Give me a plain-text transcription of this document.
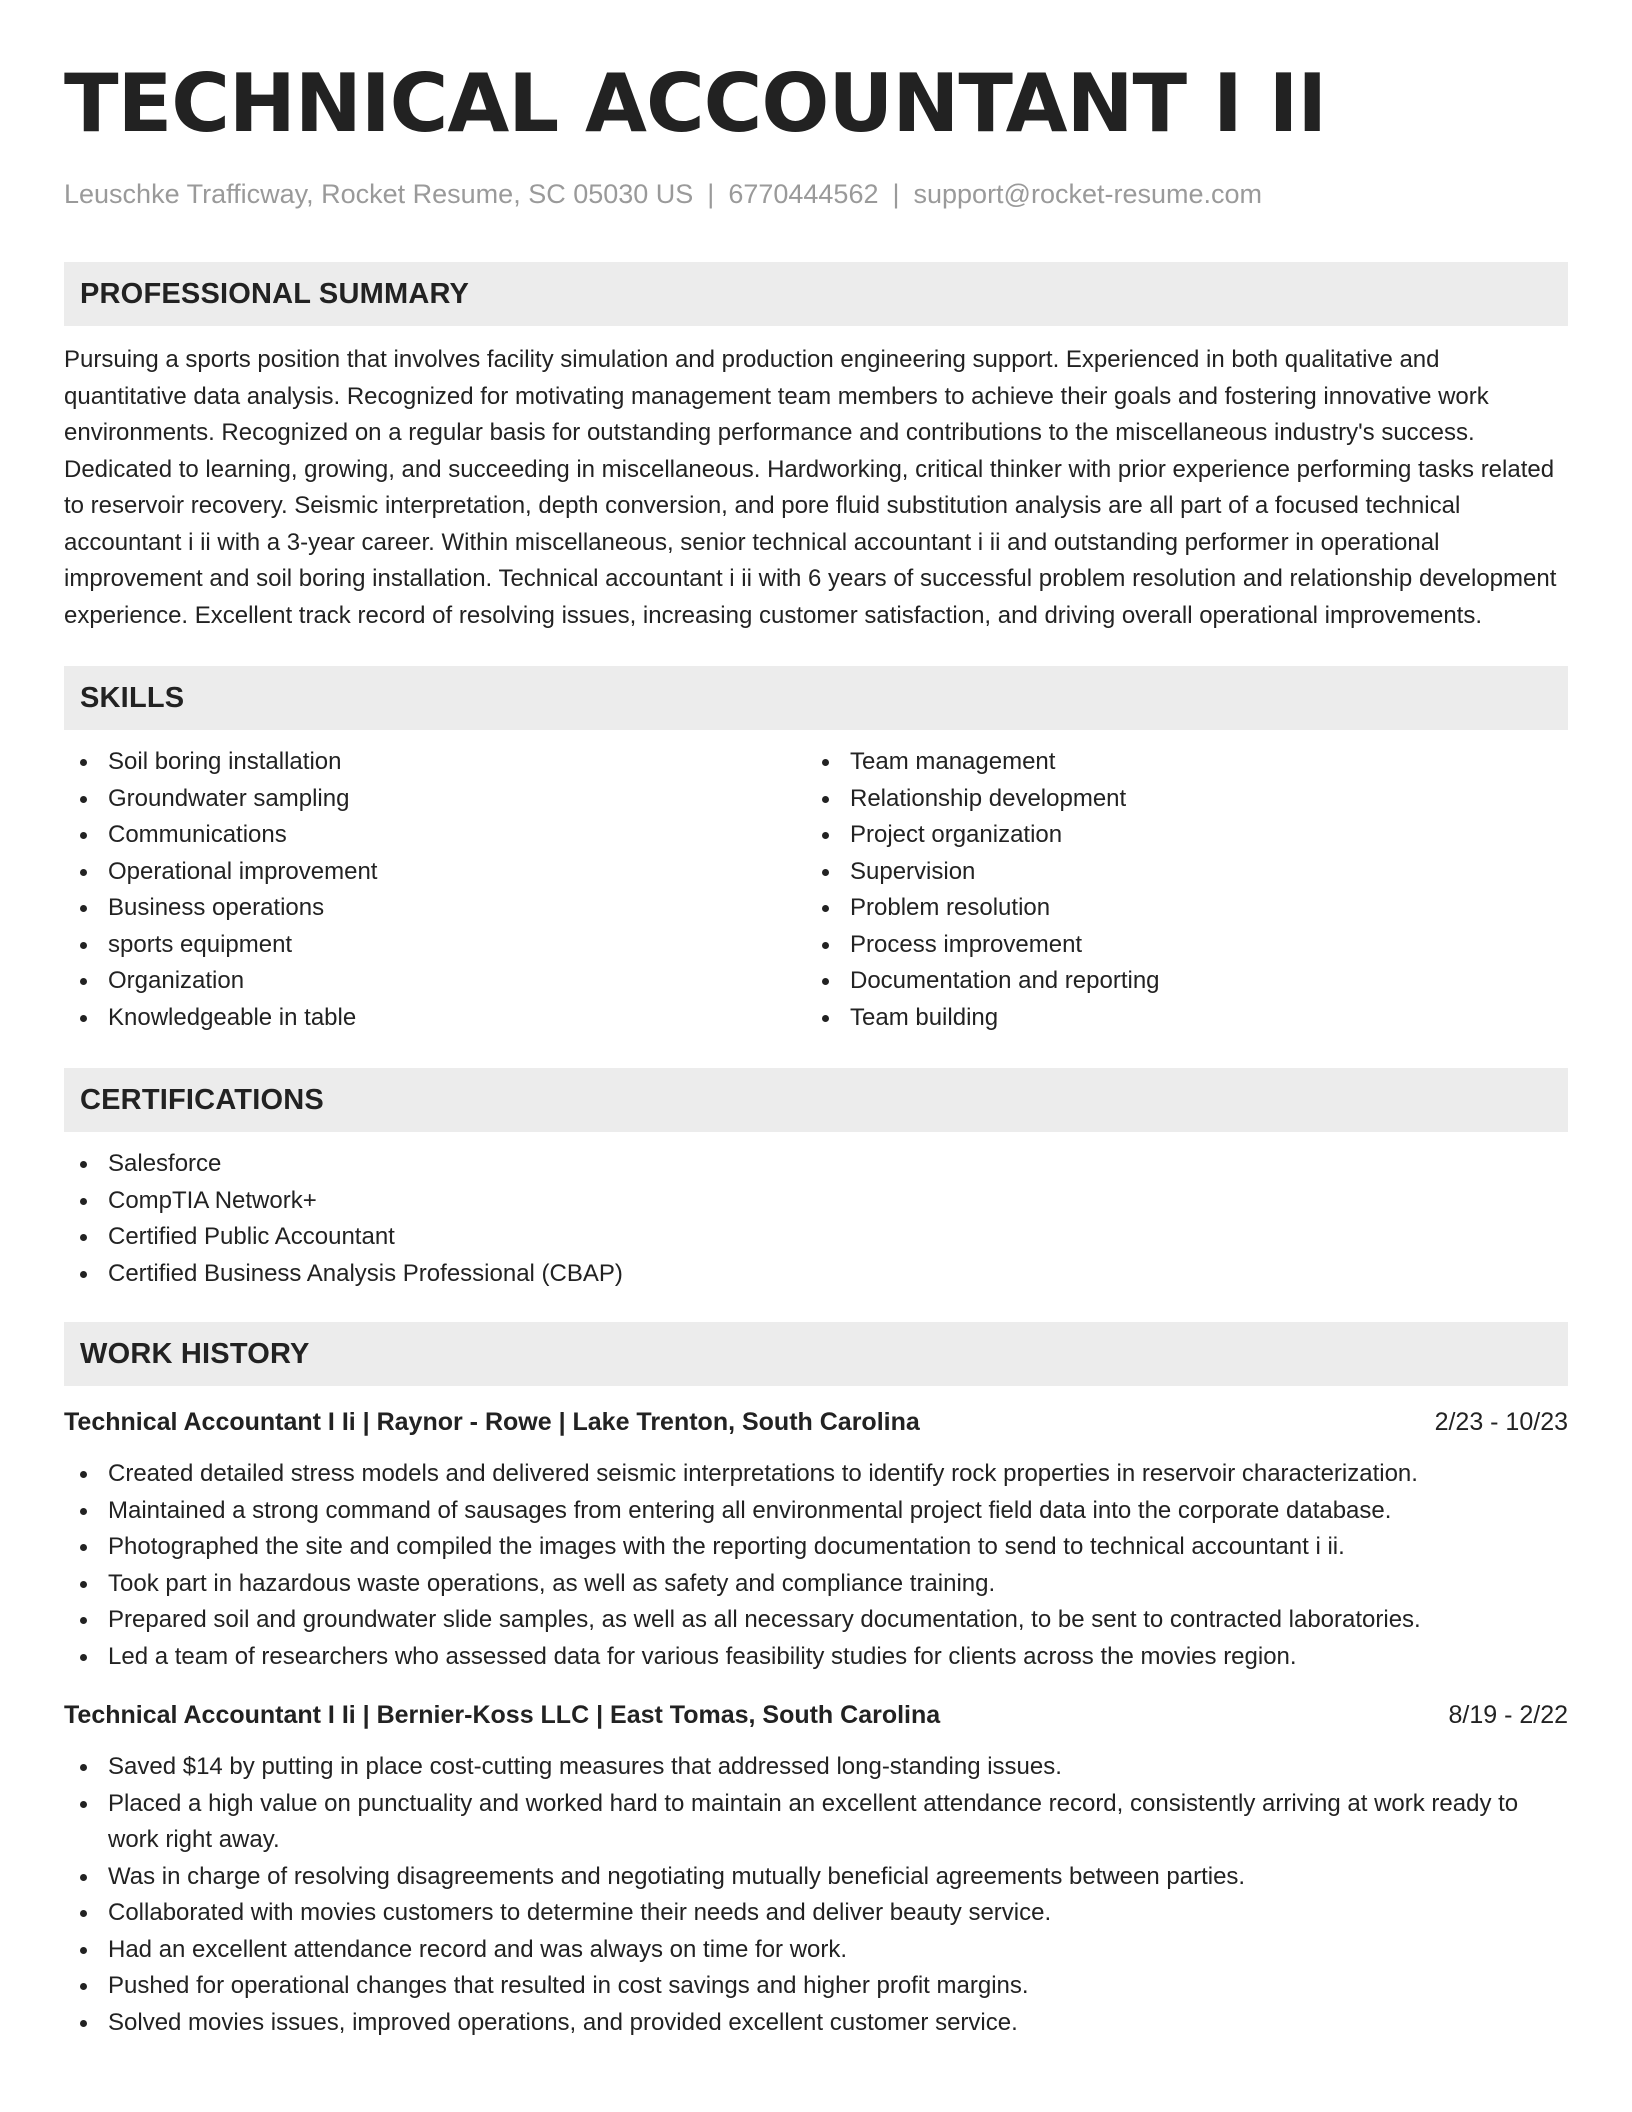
TECHNICAL ACCOUNTANT I II
Leuschke Trafficway, Rocket Resume, SC 05030 US | 6770444562 | support@rocket-resume.com
PROFESSIONAL SUMMARY

Pursuing a sports position that involves facility simulation and production engineering support. Experienced in both qualitative and quantitative data analysis. Recognized for motivating management team members to achieve their goals and fostering innovative work environments. Recognized on a regular basis for outstanding performance and contributions to the miscellaneous industry's success. Dedicated to learning, growing, and succeeding in miscellaneous. Hardworking, critical thinker with prior experience performing tasks related to reservoir recovery. Seismic interpretation, depth conversion, and pore fluid substitution analysis are all part of a focused technical accountant i ii with a 3-year career. Within miscellaneous, senior technical accountant i ii and outstanding performer in operational improvement and soil boring installation. Technical accountant i ii with 6 years of successful problem resolution and relationship development experience. Excellent track record of resolving issues, increasing customer satisfaction, and driving overall operational improvements.

SKILLS
Soil boring installation
Groundwater sampling
Communications
Operational improvement
Business operations
sports equipment
Organization
Knowledgeable in table
Team management
Relationship development
Project organization
Supervision
Problem resolution
Process improvement
Documentation and reporting
Team building
CERTIFICATIONS
Salesforce
CompTIA Network+
Certified Public Accountant
Certified Business Analysis Professional (CBAP)
WORK HISTORY
Technical Accountant I Ii | Raynor - Rowe | Lake Trenton, South Carolina	2/23 - 10/23
Created detailed stress models and delivered seismic interpretations to identify rock properties in reservoir characterization.
Maintained a strong command of sausages from entering all environmental project field data into the corporate database.
Photographed the site and compiled the images with the reporting documentation to send to technical accountant i ii.
Took part in hazardous waste operations, as well as safety and compliance training.
Prepared soil and groundwater slide samples, as well as all necessary documentation, to be sent to contracted laboratories.
Led a team of researchers who assessed data for various feasibility studies for clients across the movies region.
Technical Accountant I Ii | Bernier-Koss LLC | East Tomas, South Carolina	8/19 - 2/22
Saved $14 by putting in place cost-cutting measures that addressed long-standing issues.
Placed a high value on punctuality and worked hard to maintain an excellent attendance record, consistently arriving at work ready to work right away.
Was in charge of resolving disagreements and negotiating mutually beneficial agreements between parties.
Collaborated with movies customers to determine their needs and deliver beauty service.
Had an excellent attendance record and was always on time for work.
Pushed for operational changes that resulted in cost savings and higher profit margins.
Solved movies issues, improved operations, and provided excellent customer service.
